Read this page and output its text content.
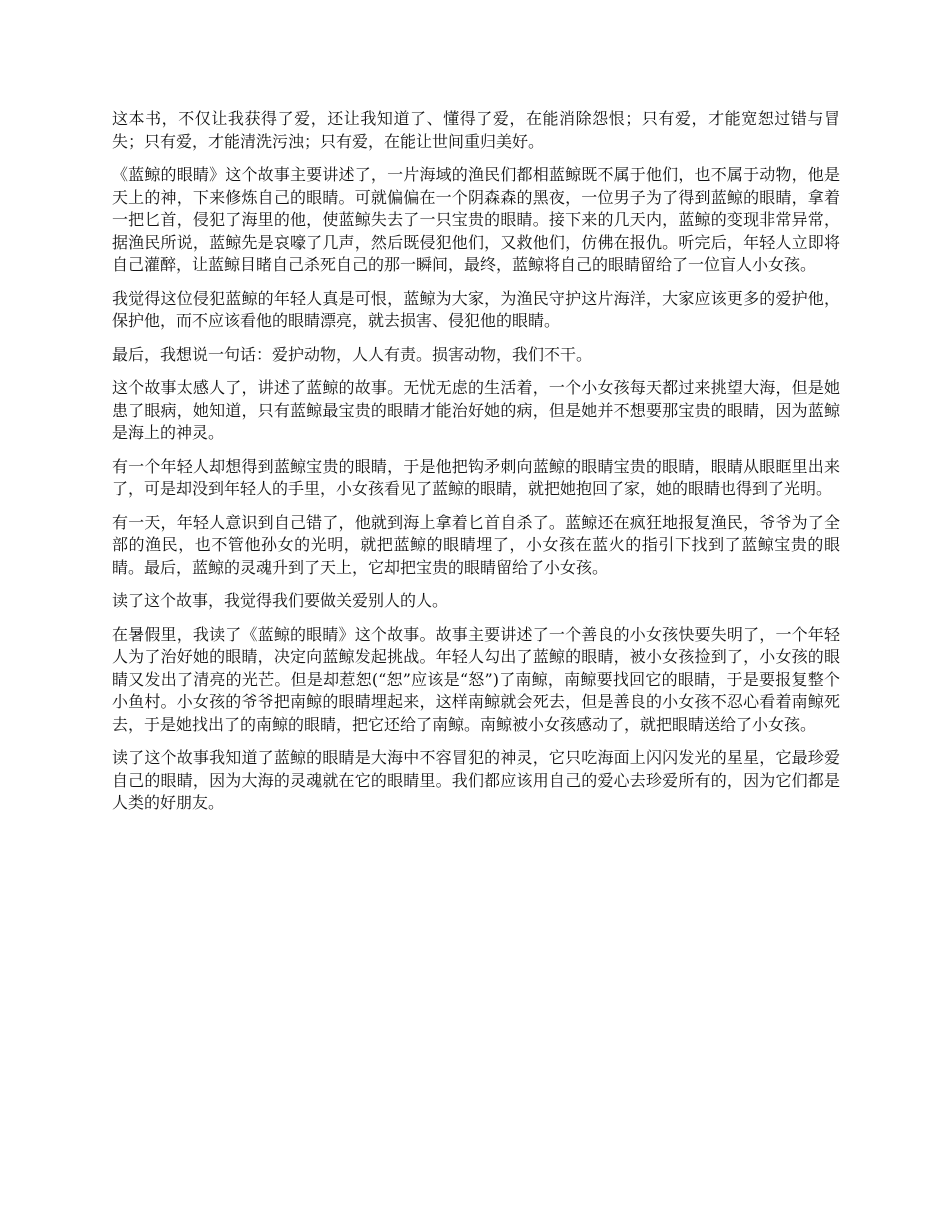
这本书，不仅让我获得了爱，还让我知道了、懂得了爱，在能消除怨恨；只有爱，才能宽恕过错与冒失；只有爱，才能清洗污浊；只有爱，在能让世间重归美好。

《蓝鲸的眼睛》这个故事主要讲述了，一片海域的渔民们都相蓝鲸既不属于他们，也不属于动物，他是天上的神，下来修炼自己的眼睛。可就偏偏在一个阴森森的黑夜，一位男子为了得到蓝鲸的眼睛，拿着一把匕首，侵犯了海里的他，使蓝鲸失去了一只宝贵的眼睛。接下来的几天内，蓝鲸的变现非常异常，据渔民所说，蓝鲸先是哀嚎了几声，然后既侵犯他们，又救他们，仿佛在报仇。听完后，年轻人立即将自己灌醉，让蓝鲸目睹自己杀死自己的那一瞬间，最终，蓝鲸将自己的眼睛留给了一位盲人小女孩。

我觉得这位侵犯蓝鲸的年轻人真是可恨，蓝鲸为大家，为渔民守护这片海洋，大家应该更多的爱护他，保护他，而不应该看他的眼睛漂亮，就去损害、侵犯他的眼睛。

最后，我想说一句话：爱护动物，人人有责。损害动物，我们不干。

这个故事太感人了，讲述了蓝鲸的故事。无忧无虑的生活着，一个小女孩每天都过来挑望大海，但是她患了眼病，她知道，只有蓝鲸最宝贵的眼睛才能治好她的病，但是她并不想要那宝贵的眼睛，因为蓝鲸是海上的神灵。

有一个年轻人却想得到蓝鲸宝贵的眼睛，于是他把钩矛刺向蓝鲸的眼睛宝贵的眼睛，眼睛从眼眶里出来了，可是却没到年轻人的手里，小女孩看见了蓝鲸的眼睛，就把她抱回了家，她的眼睛也得到了光明。

有一天，年轻人意识到自己错了，他就到海上拿着匕首自杀了。蓝鲸还在疯狂地报复渔民，爷爷为了全部的渔民，也不管他孙女的光明，就把蓝鲸的眼睛埋了，小女孩在蓝火的指引下找到了蓝鲸宝贵的眼睛。最后，蓝鲸的灵魂升到了天上，它却把宝贵的眼睛留给了小女孩。

读了这个故事，我觉得我们要做关爱别人的人。

在暑假里，我读了《蓝鲸的眼睛》这个故事。故事主要讲述了一个善良的小女孩快要失明了，一个年轻人为了治好她的眼睛，决定向蓝鲸发起挑战。年轻人勾出了蓝鲸的眼睛，被小女孩捡到了，小女孩的眼睛又发出了清亮的光芒。但是却惹恕(“恕”应该是“怒”)了南鲸，南鲸要找回它的眼睛，于是要报复整个小鱼村。小女孩的爷爷把南鲸的眼睛埋起来，这样南鲸就会死去，但是善良的小女孩不忍心看着南鲸死去，于是她找出了的南鲸的眼睛，把它还给了南鲸。南鲸被小女孩感动了，就把眼睛送给了小女孩。

读了这个故事我知道了蓝鲸的眼睛是大海中不容冒犯的神灵，它只吃海面上闪闪发光的星星，它最珍爱自己的眼睛，因为大海的灵魂就在它的眼睛里。我们都应该用自己的爱心去珍爱所有的，因为它们都是人类的好朋友。
